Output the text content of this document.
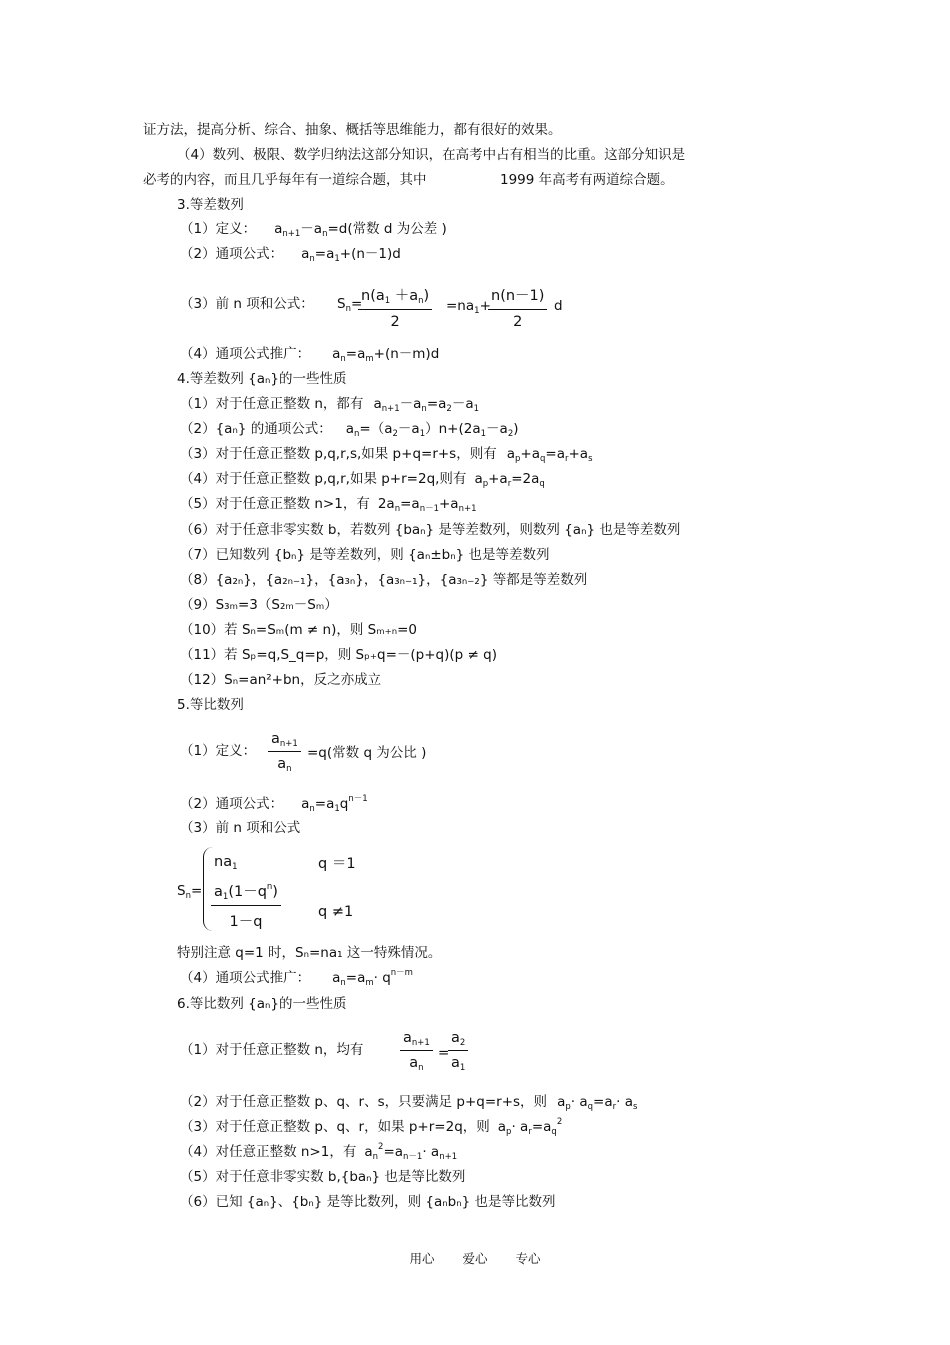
证方法，提高分析、综合、抽象、概括等思维能力，都有很好的效果。
（4）数列、极限、数学归纳法这部分知识，在高考中占有相当的比重。这部分知识是
必考的内容，而且几乎每年有一道综合题，其中	1999 年高考有两道综合题。
3.等差数列
（1）定义： $a_{n+1}-a_n=d$(常数 d 为公差 )
（2）通项公式： $a_n=a_1+(n-1)d$
（3）前 n 项和公式： $S_n=$
$\frac{n(a_1 +a_n)}{2} =na_1+$
$\frac{n(n-1)}{2}$ d
（4）通项公式推广： $a_n=a_m+(n-m)d$
4.等差数列 {aₙ}的一些性质
（1）对于任意正整数 n，都有 $a_{n+1}-a_n=a_2-a_1$
（2）{aₙ} 的通项公式： $a_n=(a_2-a_1)n+(2a_1-a_2)$
（3）对于任意正整数 p,q,r,s,如果 p+q=r+s，则有 $a_p+a_q=a_r+a_s$
（4）对于任意正整数 p,q,r,如果 p+r=2q,则有 $a_p+a_r=2a_q$
（5）对于任意正整数 n>1，有 $2a_n=a_{n-1}+a_{n+1}$
（6）对于任意非零实数 b，若数列 {baₙ} 是等差数列，则数列 {aₙ} 也是等差数列
（7）已知数列 {bₙ} 是等差数列，则 {aₙ±bₙ} 也是等差数列
（8）{a₂ₙ}，{a₂ₙ₋₁}，{a₃ₙ}，{a₃ₙ₋₁}，{a₃ₙ₋₂} 等都是等差数列
（9）S₃ₘ=3（S₂ₘ－Sₘ）
（10）若 Sₙ=Sₘ(m ≠ n)，则 Sₘ₊ₙ=0
（11）若 Sₚ=q,S_q=p，则 Sₚ₊q=－(p+q)(p ≠ q)
（12）Sₙ=an²+bn，反之亦成立
5.等比数列
（1）定义： $\frac{a_{n+1}}{a_n} =q$(常数 q 为公比 )
（2）通项公式： $a_n=a_1q^{n-1}$
（3）前 n 项和公式
$S_n=$
$na_1$	q ＝1
$\frac{a_1(1-q^n)}{1-q}$	q ≠1
特别注意 q=1 时，Sₙ=na₁ 这一特殊情况。
（4）通项公式推广： $a_n=a_m\cdot q^{n-m}$
6.等比数列 {aₙ}的一些性质
（1）对于任意正整数 n，均有	$\frac{a_{n+1}}{a_n}$ =
$\frac{a_2}{a_1}$
（2）对于任意正整数 p、q、r、s，只要满足 p+q=r+s，则 $a_p\cdot a_q=a_r\cdot a_s$
（3）对于任意正整数 p、q、r，如果 p+r=2q，则 $a_p\cdot a_r=a_q^2$
（4）对任意正整数 n>1，有 $a_n^2=a_{n-1}\cdot a_{n+1}$
（5）对于任意非零实数 b,{baₙ} 也是等比数列
（6）已知 {aₙ}、{bₙ} 是等比数列，则 {aₙbₙ} 也是等比数列
用心 爱心 专心
